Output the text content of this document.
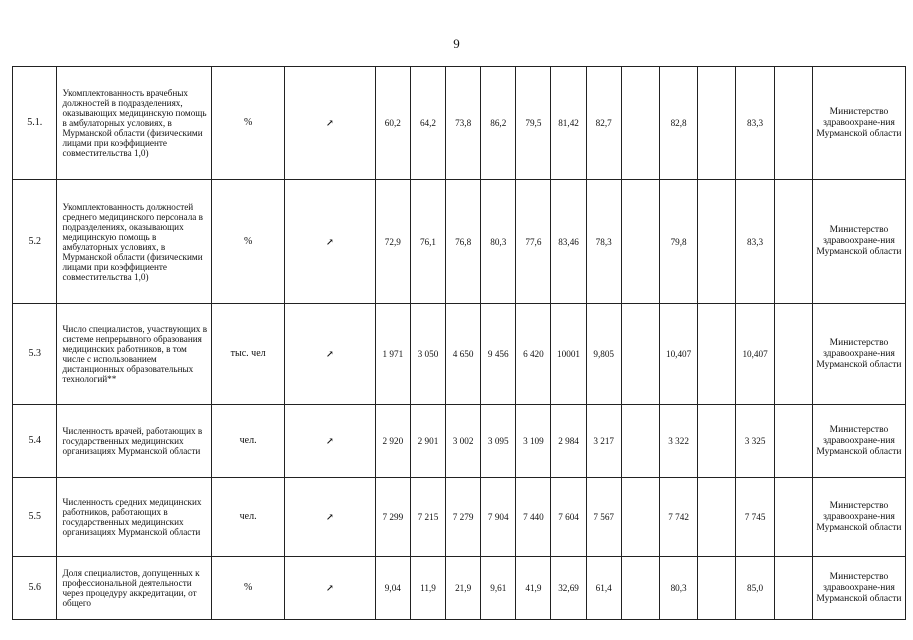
9
5.1.	Укомплектованность врачебных должностей в подразделениях, оказывающих медицинскую помощь в амбулаторных условиях, в Мурманской области (физическими лицами при коэффициенте совместительства 1,0)	%	↗	60,2	64,2	73,8	86,2	79,5	81,42	82,7		82,8		83,3		Министерство здравоохране-ния Мурманской области
5.2	Укомплектованность должностей среднего медицинского персонала в подразделениях, оказывающих медицинскую помощь в амбулаторных условиях, в Мурманской области (физическими лицами при коэффициенте совместительства 1,0)	%	↗	72,9	76,1	76,8	80,3	77,6	83,46	78,3		79,8		83,3		Министерство здравоохране-ния Мурманской области
5.3	Число специалистов, участвующих в системе непрерывного образования медицинских работников, в том числе с использованием дистанционных образовательных технологий**	тыс. чел	↗	1 971	3 050	4 650	9 456	6 420	10001	9,805		10,407		10,407		Министерство здравоохране-ния Мурманской области
5.4	Численность врачей, работающих в государственных медицинских организациях Мурманской области	чел.	↗	2 920	2 901	3 002	3 095	3 109	2 984	3 217		3 322		3 325		Министерство здравоохране-ния Мурманской области
5.5	Численность средних медицинских работников, работающих в государственных медицинских организациях Мурманской области	чел.	↗	7 299	7 215	7 279	7 904	7 440	7 604	7 567		7 742		7 745		Министерство здравоохране-ния Мурманской области
5.6	Доля специалистов, допущенных к профессиональной деятельности через процедуру аккредитации, от общего	%	↗	9,04	11,9	21,9	9,61	41,9	32,69	61,4		80,3		85,0		Министерство здравоохране-ния Мурманской области
